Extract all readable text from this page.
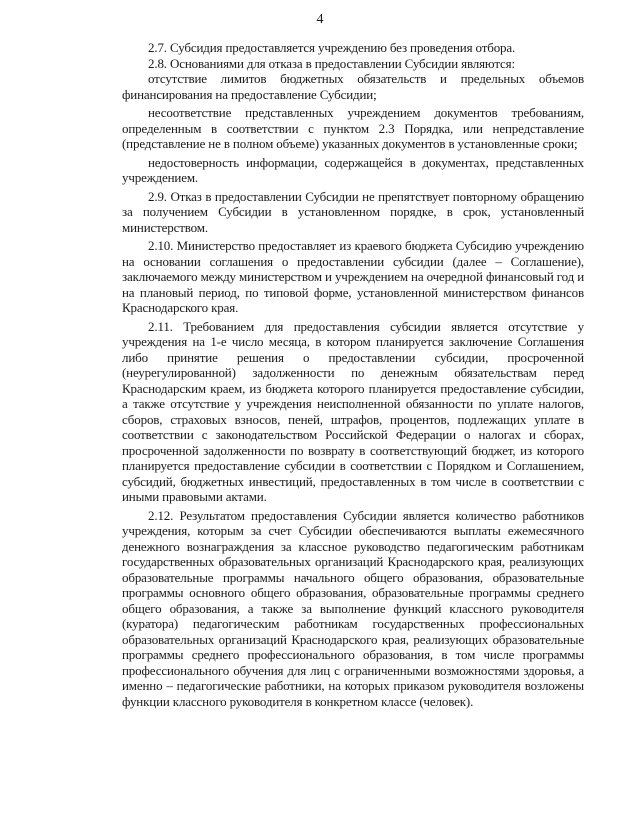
4

2.7. Субсидия предоставляется учреждению без проведения отбора.

2.8. Основаниями для отказа в предоставлении Субсидии являются:

отсутствие лимитов бюджетных обязательств и предельных объемов финансирования на предоставление Субсидии;

несоответствие представленных учреждением документов требованиям, определенным в соответствии с пунктом 2.3 Порядка, или непредставление (представление не в полном объеме) указанных документов в установленные сроки;

недостоверность информации, содержащейся в документах, представленных учреждением.

2.9. Отказ в предоставлении Субсидии не препятствует повторному обращению за получением Субсидии в установленном порядке, в срок, установленный министерством.

2.10. Министерство предоставляет из краевого бюджета Субсидию учреждению на основании соглашения о предоставлении субсидии (далее – Соглашение), заключаемого между министерством и учреждением на очередной финансовый год и на плановый период, по типовой форме, установленной министерством финансов Краснодарского края.

2.11. Требованием для предоставления субсидии является отсутствие у учреждения на 1-е число месяца, в котором планируется заключение Соглашения либо принятие решения о предоставлении субсидии, просроченной (неурегулированной) задолженности по денежным обязательствам перед Краснодарским краем, из бюджета которого планируется предоставление субсидии, а также отсутствие у учреждения неисполненной обязанности по уплате налогов, сборов, страховых взносов, пеней, штрафов, процентов, подлежащих уплате в соответствии с законодательством Российской Федерации о налогах и сборах, просроченной задолженности по возврату в соответствующий бюджет, из которого планируется предоставление субсидии в соответствии с Порядком и Соглашением, субсидий, бюджетных инвестиций, предоставленных в том числе в соответствии с иными правовыми актами.

2.12. Результатом предоставления Субсидии является количество работников учреждения, которым за счет Субсидии обеспечиваются выплаты ежемесячного денежного вознаграждения за классное руководство педагогическим работникам государственных образовательных организаций Краснодарского края, реализующих образовательные программы начального общего образования, образовательные программы основного общего образования, образовательные программы среднего общего образования, а также за выполнение функций классного руководителя (куратора) педагогическим работникам государственных профессиональных образовательных организаций Краснодарского края, реализующих образовательные программы среднего профессионального образования, в том числе программы профессионального обучения для лиц с ограниченными возможностями здоровья, а именно – педагогические работники, на которых приказом руководителя возложены функции классного руководителя в конкретном классе (человек).
